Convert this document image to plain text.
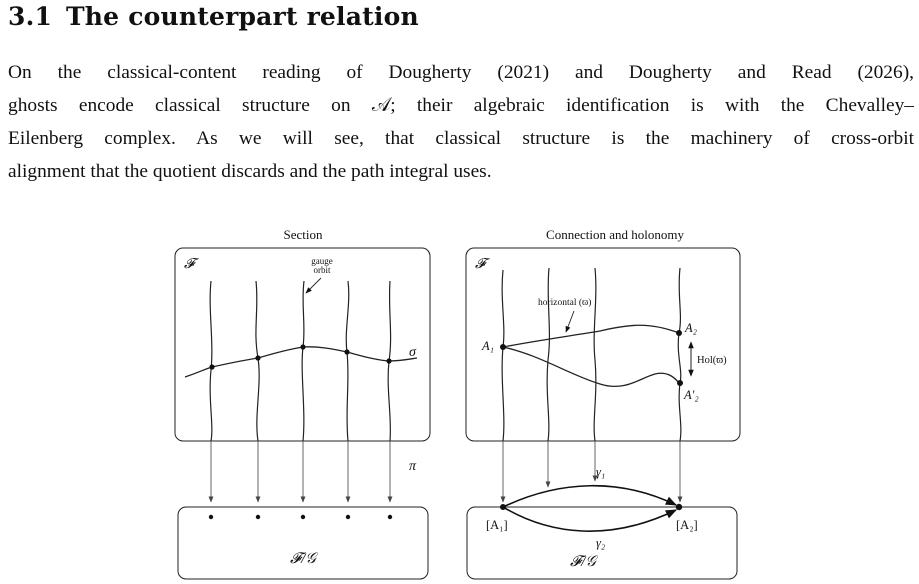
3.1 The counterpart relation
On the classical-content reading of Dougherty (2021) and Dougherty and Read (2026),
ghosts encode classical structure on 𝒜; their algebraic identification is with the Chevalley–
Eilenberg complex. As we will see, that classical structure is the machinery of cross-orbit
alignment that the quotient discards and the path integral uses.
Section
𝓕	gauge
orbit
σ
π
𝓕/𝒢
Connection and holonomy
𝓕
horizontal (ϖ)
A₁
A₂
A′₂
Hol(ϖ)
γ₁
γ₂
[A₁]	[A₂]
𝓕/𝒢
